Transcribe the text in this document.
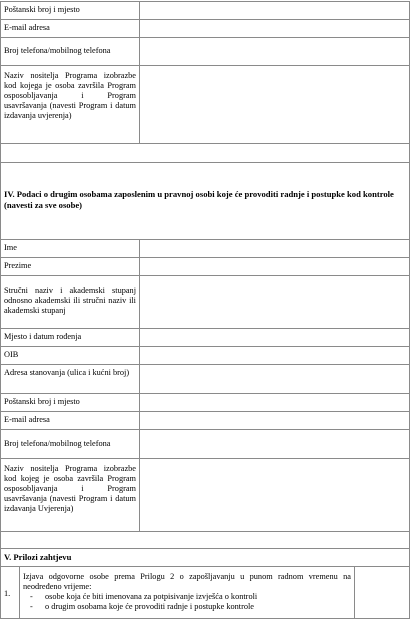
Poštanski broj i mjesto
E-mail adresa
Broj telefona/mobilnog telefona
Naziv nositelja Programa izobrazbe kod kojega je osoba završila Program osposobljavanja i Program usavršavanja (navesti Program i datum izdavanja uvjerenja)
IV. Podaci o drugim osobama zaposlenim u pravnoj osobi koje će provoditi radnje i postupke kod kontrole (navesti za sve osobe)
Ime
Prezime
Stručni naziv i akademski stupanj odnosno akademski ili stručni naziv ili akademski stupanj
Mjesto i datum rođenja
OIB
Adresa stanovanja (ulica i kućni broj)
Poštanski broj i mjesto
E-mail adresa
Broj telefona/mobilnog telefona
Naziv nositelja Programa izobrazbe kod kojeg je osoba završila Program osposobljavanja i Program usavršavanja (navesti Program i datum izdavanja Uvjerenja)
V. Prilozi zahtjevu
1.
Izjava odgovorne osobe prema Prilogu 2 o zapošljavanju u punom radnom vremenu na neodređeno vrijeme:
- osobe koja će biti imenovana za potpisivanje izvješća o kontroli
- o drugim osobama koje će provoditi radnje i postupke kontrole
